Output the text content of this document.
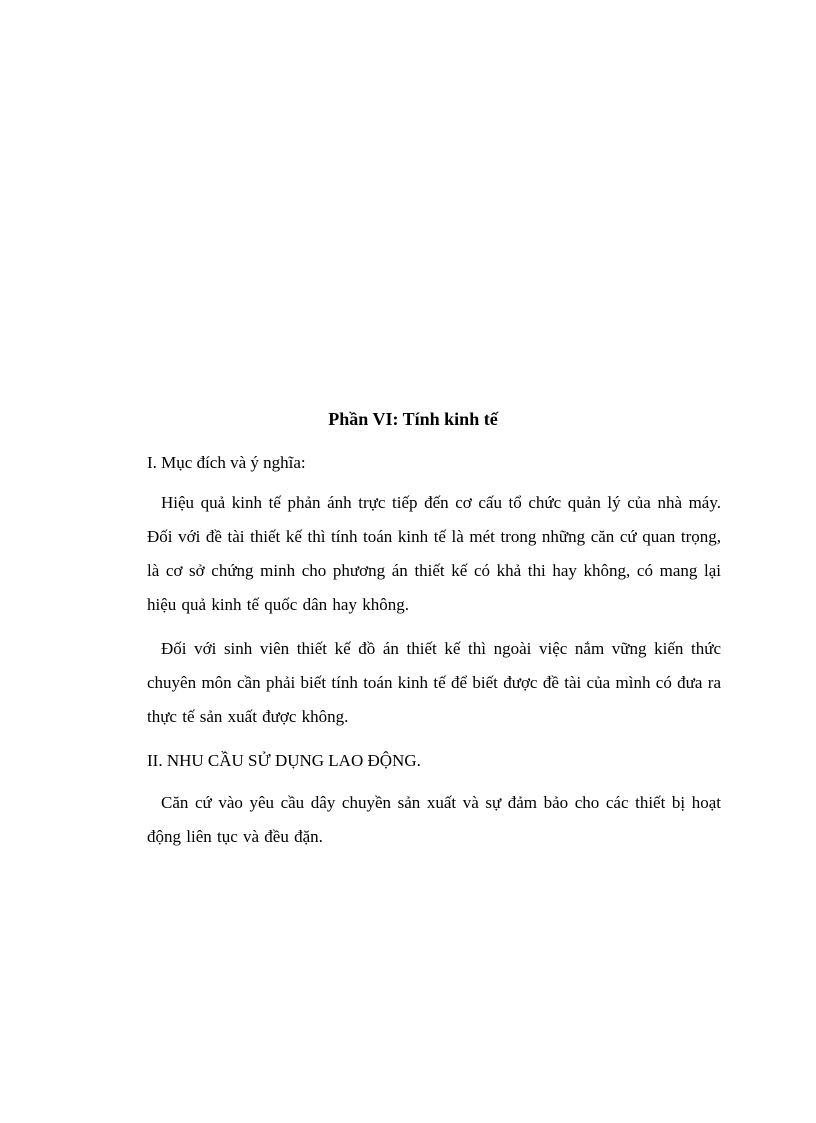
Phần VI: Tính kinh tế
I. Mục đích và ý nghĩa:
Hiệu quả kinh tế phản ánh trực tiếp đến cơ cấu tổ chức quản lý của nhà máy. Đối với đề tài thiết kế thì tính toán kinh tế là mét trong những căn cứ quan trọng, là cơ sở chứng minh cho phương án thiết kế có khả thi hay không, có mang lại hiệu quả kinh tế quốc dân hay không.
Đối với sinh viên thiết kế đồ án thiết kế thì ngoài việc nắm vững kiến thức chuyên môn cần phải biết tính toán kinh tế để biết được đề tài của mình có đưa ra thực tế sản xuất được không.
II. NHU CẦU SỬ DỤNG LAO ĐỘNG.
Căn cứ vào yêu cầu dây chuyền sản xuất và sự đảm bảo cho các thiết bị hoạt động liên tục và đều đặn.
